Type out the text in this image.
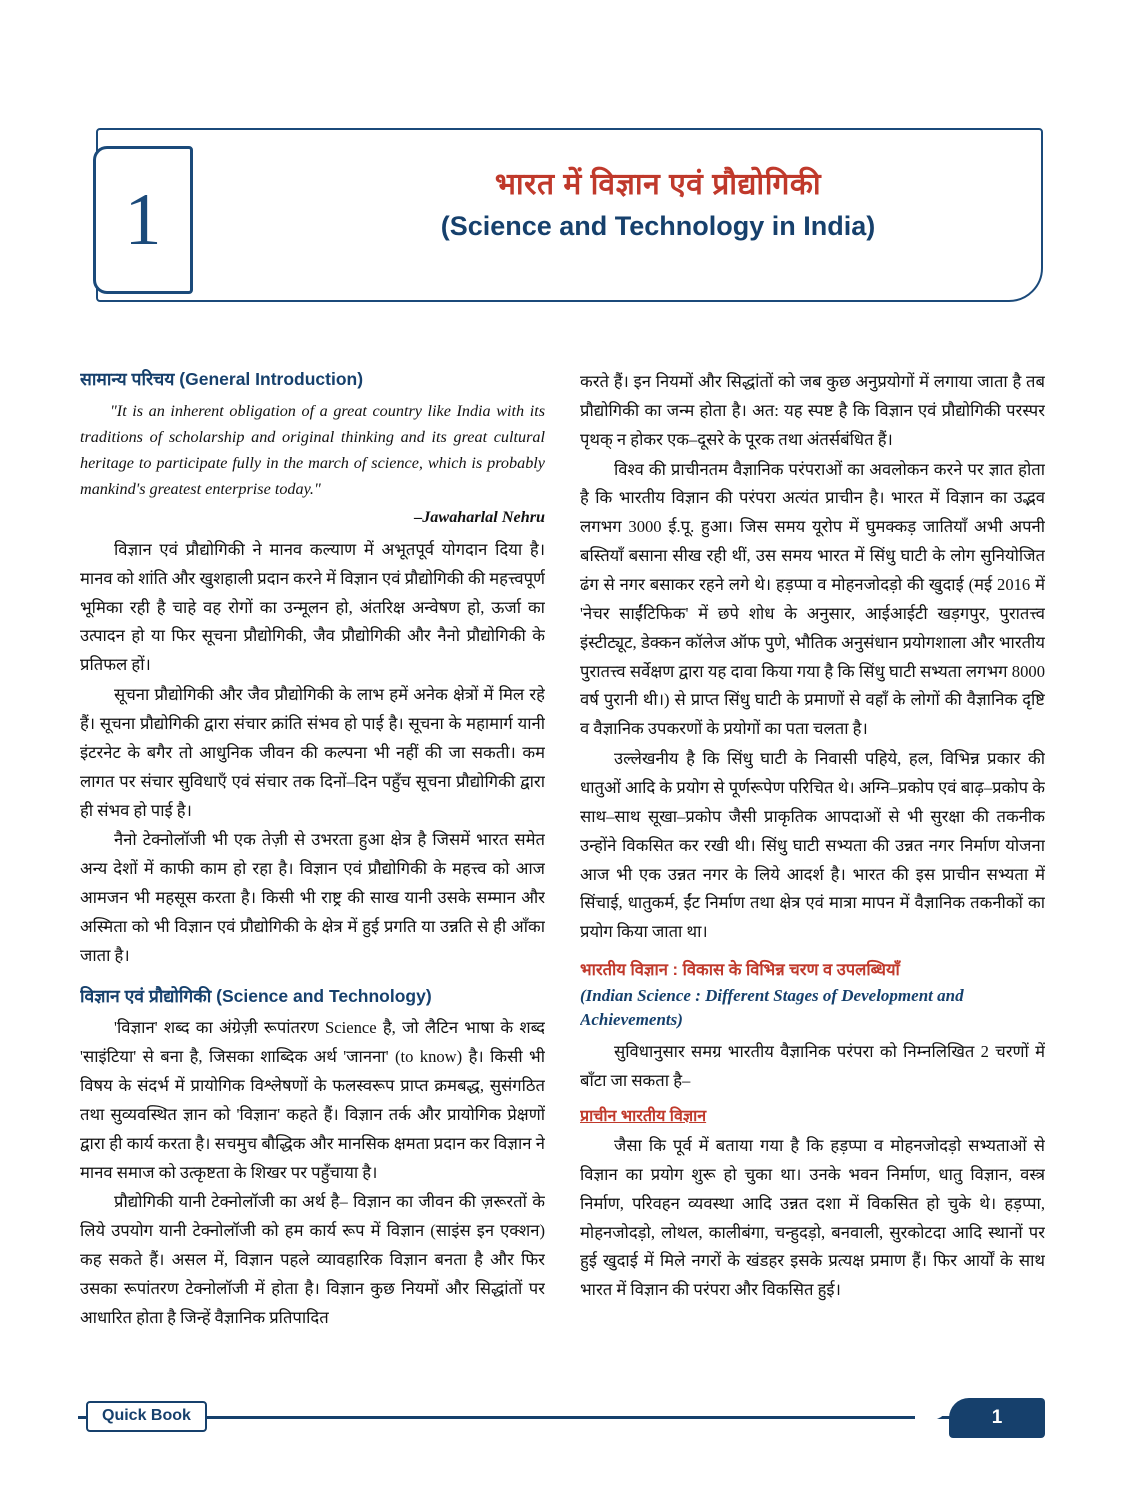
1	भारत में विज्ञान एवं प्रौद्योगिकी
(Science and Technology in India)
सामान्य परिचय (General Introduction)
"It is an inherent obligation of a great country like India with its traditions of scholarship and original thinking and its great cultural heritage to participate fully in the march of science, which is probably mankind's greatest enterprise today."
–Jawaharlal Nehru

विज्ञान एवं प्रौद्योगिकी ने मानव कल्याण में अभूतपूर्व योगदान दिया है। मानव को शांति और खुशहाली प्रदान करने में विज्ञान एवं प्रौद्योगिकी की महत्त्वपूर्ण भूमिका रही है चाहे वह रोगों का उन्मूलन हो, अंतरिक्ष अन्वेषण हो, ऊर्जा का उत्पादन हो या फिर सूचना प्रौद्योगिकी, जैव प्रौद्योगिकी और नैनो प्रौद्योगिकी के प्रतिफल हों।

सूचना प्रौद्योगिकी और जैव प्रौद्योगिकी के लाभ हमें अनेक क्षेत्रों में मिल रहे हैं। सूचना प्रौद्योगिकी द्वारा संचार क्रांति संभव हो पाई है। सूचना के महामार्ग यानी इंटरनेट के बगैर तो आधुनिक जीवन की कल्पना भी नहीं की जा सकती। कम लागत पर संचार सुविधाएँ एवं संचार तक दिनों–दिन पहुँच सूचना प्रौद्योगिकी द्वारा ही संभव हो पाई है।

नैनो टेक्नोलॉजी भी एक तेज़ी से उभरता हुआ क्षेत्र है जिसमें भारत समेत अन्य देशों में काफी काम हो रहा है। विज्ञान एवं प्रौद्योगिकी के महत्त्व को आज आमजन भी महसूस करता है। किसी भी राष्ट्र की साख यानी उसके सम्मान और अस्मिता को भी विज्ञान एवं प्रौद्योगिकी के क्षेत्र में हुई प्रगति या उन्नति से ही आँका जाता है।

विज्ञान एवं प्रौद्योगिकी (Science and Technology)

'विज्ञान' शब्द का अंग्रेज़ी रूपांतरण Science है, जो लैटिन भाषा के शब्द 'साइंटिया' से बना है, जिसका शाब्दिक अर्थ 'जानना' (to know) है। किसी भी विषय के संदर्भ में प्रायोगिक विश्लेषणों के फलस्वरूप प्राप्त क्रमबद्ध, सुसंगठित तथा सुव्यवस्थित ज्ञान को 'विज्ञान' कहते हैं। विज्ञान तर्क और प्रायोगिक प्रेक्षणों द्वारा ही कार्य करता है। सचमुच बौद्धिक और मानसिक क्षमता प्रदान कर विज्ञान ने मानव समाज को उत्कृष्टता के शिखर पर पहुँचाया है।

प्रौद्योगिकी यानी टेक्नोलॉजी का अर्थ है– विज्ञान का जीवन की ज़रूरतों के लिये उपयोग यानी टेक्नोलॉजी को हम कार्य रूप में विज्ञान (साइंस इन एक्शन) कह सकते हैं। असल में, विज्ञान पहले व्यावहारिक विज्ञान बनता है और फिर उसका रूपांतरण टेक्नोलॉजी में होता है। विज्ञान कुछ नियमों और सिद्धांतों पर आधारित होता है जिन्हें वैज्ञानिक प्रतिपादित

करते हैं। इन नियमों और सिद्धांतों को जब कुछ अनुप्रयोगों में लगाया जाता है तब प्रौद्योगिकी का जन्म होता है। अत: यह स्पष्ट है कि विज्ञान एवं प्रौद्योगिकी परस्पर पृथक् न होकर एक–दूसरे के पूरक तथा अंतर्सबंधित हैं।

विश्व की प्राचीनतम वैज्ञानिक परंपराओं का अवलोकन करने पर ज्ञात होता है कि भारतीय विज्ञान की परंपरा अत्यंत प्राचीन है। भारत में विज्ञान का उद्भव लगभग 3000 ई.पू. हुआ। जिस समय यूरोप में घुमक्कड़ जातियाँ अभी अपनी बस्तियाँ बसाना सीख रही थीं, उस समय भारत में सिंधु घाटी के लोग सुनियोजित ढंग से नगर बसाकर रहने लगे थे। हड़प्पा व मोहनजोदड़ो की खुदाई (मई 2016 में 'नेचर साईंटिफिक' में छपे शोध के अनुसार, आईआईटी खड़गपुर, पुरातत्त्व इंस्टीट्यूट, डेक्कन कॉलेज ऑफ पुणे, भौतिक अनुसंधान प्रयोगशाला और भारतीय पुरातत्त्व सर्वेक्षण द्वारा यह दावा किया गया है कि सिंधु घाटी सभ्यता लगभग 8000 वर्ष पुरानी थी।) से प्राप्त सिंधु घाटी के प्रमाणों से वहाँ के लोगों की वैज्ञानिक दृष्टि व वैज्ञानिक उपकरणों के प्रयोगों का पता चलता है।

उल्लेखनीय है कि सिंधु घाटी के निवासी पहिये, हल, विभिन्न प्रकार की धातुओं आदि के प्रयोग से पूर्णरूपेण परिचित थे। अग्नि–प्रकोप एवं बाढ़–प्रकोप के साथ–साथ सूखा–प्रकोप जैसी प्राकृतिक आपदाओं से भी सुरक्षा की तकनीक उन्होंने विकसित कर रखी थी। सिंधु घाटी सभ्यता की उन्नत नगर निर्माण योजना आज भी एक उन्नत नगर के लिये आदर्श है। भारत की इस प्राचीन सभ्यता में सिंचाई, धातुकर्म, ईंट निर्माण तथा क्षेत्र एवं मात्रा मापन में वैज्ञानिक तकनीकों का प्रयोग किया जाता था।

भारतीय विज्ञान : विकास के विभिन्न चरण व उपलब्धियाँ
(Indian Science : Different Stages of Development and Achievements)

सुविधानुसार समग्र भारतीय वैज्ञानिक परंपरा को निम्नलिखित 2 चरणों में बाँटा जा सकता है–

प्राचीन भारतीय विज्ञान

जैसा कि पूर्व में बताया गया है कि हड़प्पा व मोहनजोदड़ो सभ्यताओं से विज्ञान का प्रयोग शुरू हो चुका था। उनके भवन निर्माण, धातु विज्ञान, वस्त्र निर्माण, परिवहन व्यवस्था आदि उन्नत दशा में विकसित हो चुके थे। हड़प्पा, मोहनजोदड़ो, लोथल, कालीबंगा, चन्हुदड़ो, बनवाली, सुरकोटदा आदि स्थानों पर हुई खुदाई में मिले नगरों के खंडहर इसके प्रत्यक्ष प्रमाण हैं। फिर आर्यों के साथ भारत में विज्ञान की परंपरा और विकसित हुई।

Quick Book	1
